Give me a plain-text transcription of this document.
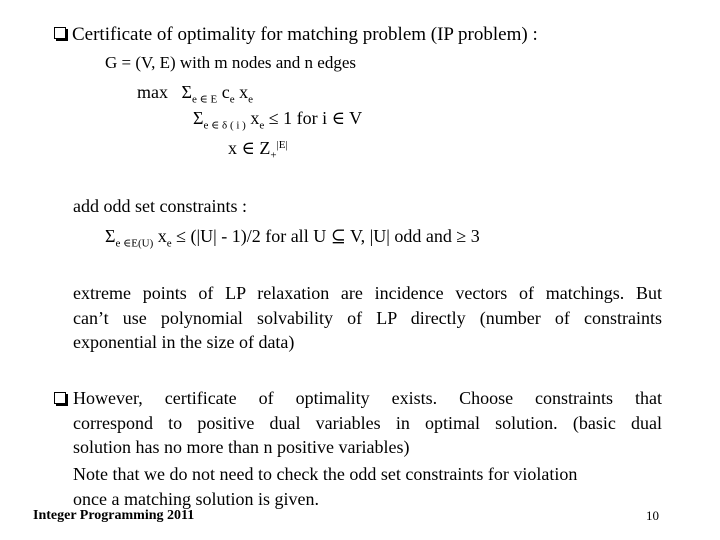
Certificate of optimality for matching problem (IP problem) :
G = (V, E) with m nodes and n edges
$\max \Sigma_{e \in E}$ $c_e$ $x_e$
$\Sigma_{e \in \delta ( i )}$ $x_e \le 1$ for i ∈ V
x ∈ $Z_+^{|E|}$
add odd set constraints :
$\Sigma_{e \in E(U)}$ $x_e \le (|U| - 1)/2$ for all U ⊆ V, |U| odd and ≥ 3
extreme points of LP relaxation are incidence vectors of matchings. But
can’t use polynomial solvability of LP directly (number of constraints
exponential in the size of data)
However, certificate of optimality exists. Choose constraints that
correspond to positive dual variables in optimal solution. (basic dual
solution has no more than n positive variables)
Note that we do not need to check the odd set constraints for violation
once a matching solution is given.
Integer Programming 2011	10
